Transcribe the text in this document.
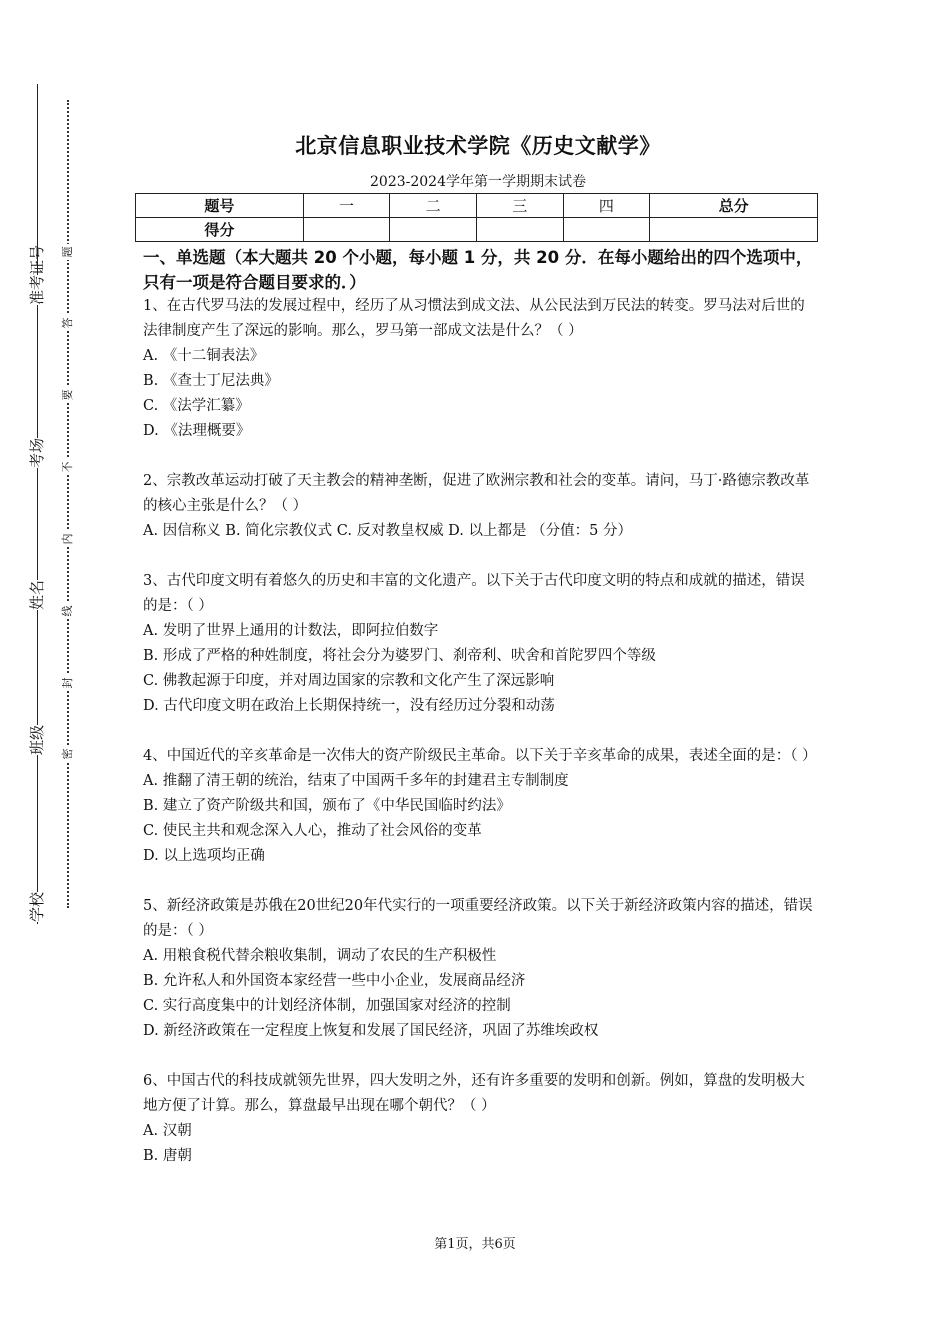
准考证号
考场
姓名
班级
学校
题
答
要
不
内
线
封
密
北京信息职业技术学院《历史文献学》
2023-2024学年第一学期期末试卷
题号	一	二	三	四	总分
得分					
一、单选题（本大题共 20 个小题，每小题 1 分，共 20 分．在每小题给出的四个选项中，只有一项是符合题目要求的．）

1、在古代罗马法的发展过程中，经历了从习惯法到成文法、从公民法到万民法的转变。罗马法对后世的法律制度产生了深远的影响。那么，罗马第一部成文法是什么？（ ）

A. 《十二铜表法》

B. 《查士丁尼法典》

C. 《法学汇纂》

D. 《法理概要》

2、宗教改革运动打破了天主教会的精神垄断，促进了欧洲宗教和社会的变革。请问，马丁·路德宗教改革的核心主张是什么？（ ）

A. 因信称义 B. 简化宗教仪式 C. 反对教皇权威 D. 以上都是 （分值：5 分）

3、古代印度文明有着悠久的历史和丰富的文化遗产。以下关于古代印度文明的特点和成就的描述，错误的是：（ ）

A. 发明了世界上通用的计数法，即阿拉伯数字

B. 形成了严格的种姓制度，将社会分为婆罗门、刹帝利、吠舍和首陀罗四个等级

C. 佛教起源于印度，并对周边国家的宗教和文化产生了深远影响

D. 古代印度文明在政治上长期保持统一，没有经历过分裂和动荡

4、中国近代的辛亥革命是一次伟大的资产阶级民主革命。以下关于辛亥革命的成果，表述全面的是：（ ）

A. 推翻了清王朝的统治，结束了中国两千多年的封建君主专制制度

B. 建立了资产阶级共和国，颁布了《中华民国临时约法》

C. 使民主共和观念深入人心，推动了社会风俗的变革

D. 以上选项均正确

5、新经济政策是苏俄在20世纪20年代实行的一项重要经济政策。以下关于新经济政策内容的描述，错误的是：（ ）

A. 用粮食税代替余粮收集制，调动了农民的生产积极性

B. 允许私人和外国资本家经营一些中小企业，发展商品经济

C. 实行高度集中的计划经济体制，加强国家对经济的控制

D. 新经济政策在一定程度上恢复和发展了国民经济，巩固了苏维埃政权

6、中国古代的科技成就领先世界，四大发明之外，还有许多重要的发明和创新。例如，算盘的发明极大地方便了计算。那么，算盘最早出现在哪个朝代？（ ）

A. 汉朝

B. 唐朝

第1页，共6页
